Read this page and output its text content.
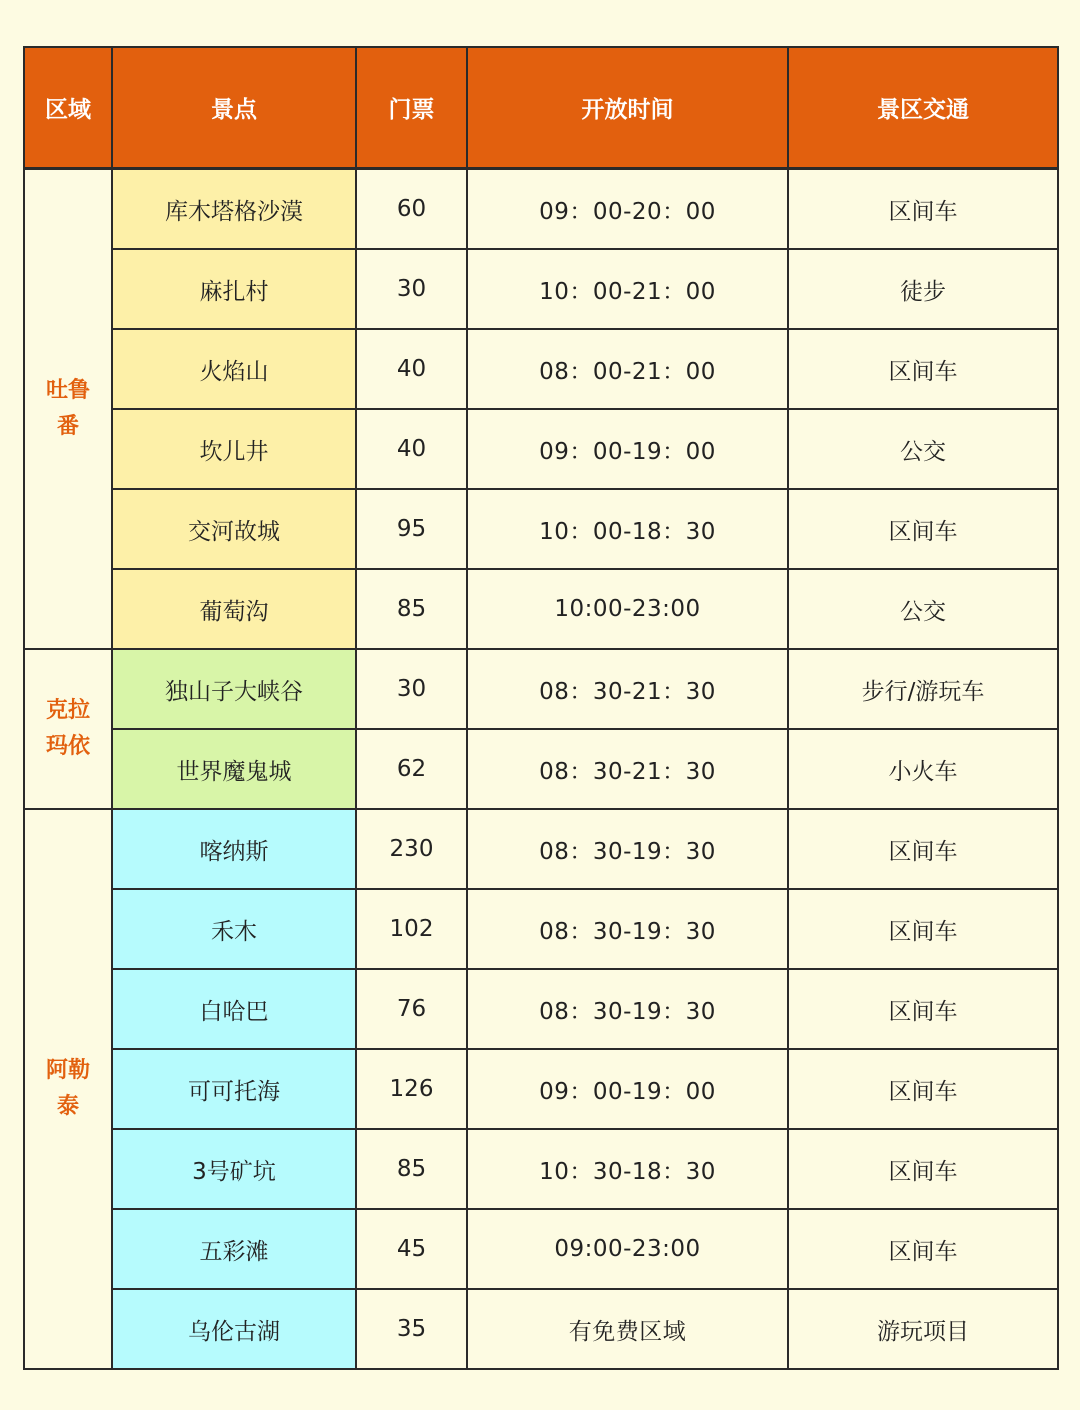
区域	景点	门票	开放时间	景区交通
吐鲁番	库木塔格沙漠	60	09：00-20：00	区间车
	麻扎村	30	10：00-21：00	徒步
	火焰山	40	08：00-21：00	区间车
	坎儿井	40	09：00-19：00	公交
	交河故城	95	10：00-18：30	区间车
	葡萄沟	85	10:00-23:00	公交
克拉玛依	独山子大峡谷	30	08：30-21：30	步行/游玩车
	世界魔鬼城	62	08：30-21：30	小火车
阿勒泰	喀纳斯	230	08：30-19：30	区间车
	禾木	102	08：30-19：30	区间车
	白哈巴	76	08：30-19：30	区间车
	可可托海	126	09：00-19：00	区间车
	3号矿坑	85	10：30-18：30	区间车
	五彩滩	45	09:00-23:00	区间车
	乌伦古湖	35	有免费区域	游玩项目
